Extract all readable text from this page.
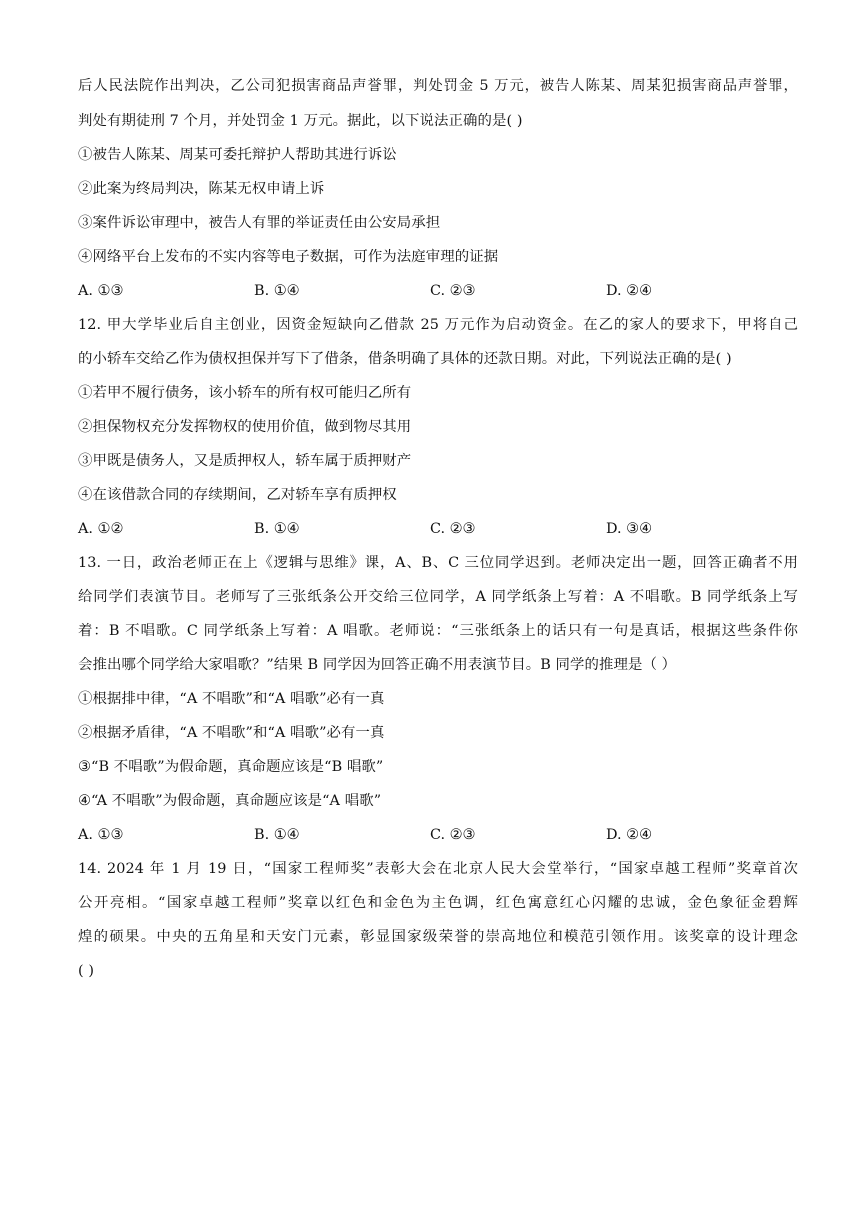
后人民法院作出判决，乙公司犯损害商品声誉罪，判处罚金 5 万元，被告人陈某、周某犯损害商品声誉罪，
判处有期徒刑 7 个月，并处罚金 1 万元。据此，以下说法正确的是( )
①被告人陈某、周某可委托辩护人帮助其进行诉讼
②此案为终局判决，陈某无权申请上诉
③案件诉讼审理中，被告人有罪的举证责任由公安局承担
④网络平台上发布的不实内容等电子数据，可作为法庭审理的证据
A. ①③	B. ①④	C. ②③	D. ②④
12. 甲大学毕业后自主创业，因资金短缺向乙借款 25 万元作为启动资金。在乙的家人的要求下，甲将自己
的小轿车交给乙作为债权担保并写下了借条，借条明确了具体的还款日期。对此，下列说法正确的是( )
①若甲不履行债务，该小轿车的所有权可能归乙所有
②担保物权充分发挥物权的使用价值，做到物尽其用
③甲既是债务人，又是质押权人，轿车属于质押财产
④在该借款合同的存续期间，乙对轿车享有质押权
A. ①②	B. ①④	C. ②③	D. ③④
13. 一日，政治老师正在上《逻辑与思维》课，A、B、C 三位同学迟到。老师决定出一题，回答正确者不用
给同学们表演节目。老师写了三张纸条公开交给三位同学，A 同学纸条上写着：A 不唱歌。B 同学纸条上写
着：B 不唱歌。C 同学纸条上写着：A 唱歌。老师说：“三张纸条上的话只有一句是真话，根据这些条件你
会推出哪个同学给大家唱歌？”结果 B 同学因为回答正确不用表演节目。B 同学的推理是（ ）
①根据排中律，“A 不唱歌”和“A 唱歌”必有一真
②根据矛盾律，“A 不唱歌”和“A 唱歌”必有一真
③“B 不唱歌”为假命题，真命题应该是“B 唱歌”
④“A 不唱歌”为假命题，真命题应该是“A 唱歌”
A. ①③	B. ①④	C. ②③	D. ②④
14. 2024 年 1 月 19 日，“国家工程师奖”表彰大会在北京人民大会堂举行，“国家卓越工程师”奖章首次
公开亮相。“国家卓越工程师”奖章以红色和金色为主色调，红色寓意红心闪耀的忠诚，金色象征金碧辉
煌的硕果。中央的五角星和天安门元素，彰显国家级荣誉的崇高地位和模范引领作用。该奖章的设计理念
( )
